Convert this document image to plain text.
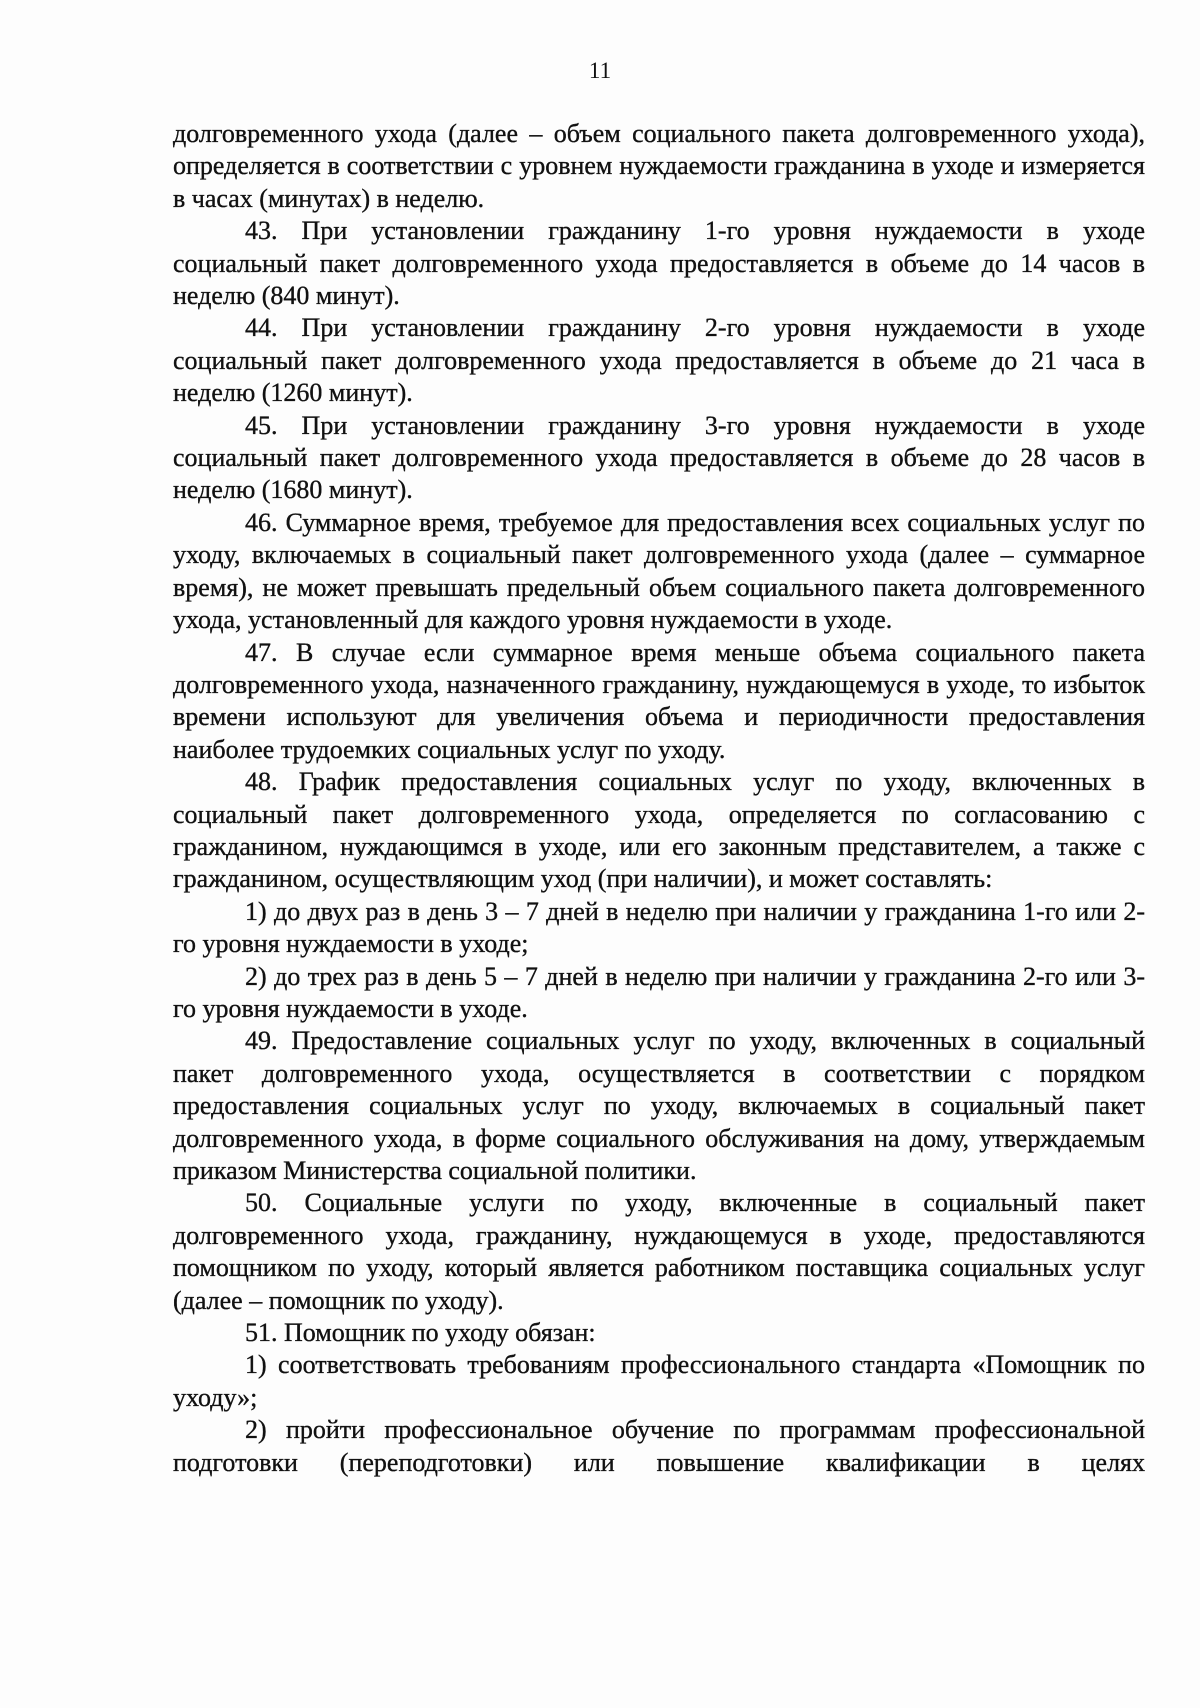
11

долговременного ухода (далее – объем социального пакета долговременного ухода), определяется в соответствии с уровнем нуждаемости гражданина в уходе и измеряется в часах (минутах) в неделю.

43. При установлении гражданину 1-го уровня нуждаемости в уходе социальный пакет долговременного ухода предоставляется в объеме до 14 часов в неделю (840 минут).

44. При установлении гражданину 2-го уровня нуждаемости в уходе социальный пакет долговременного ухода предоставляется в объеме до 21 часа в неделю (1260 минут).

45. При установлении гражданину 3-го уровня нуждаемости в уходе социальный пакет долговременного ухода предоставляется в объеме до 28 часов в неделю (1680 минут).

46. Суммарное время, требуемое для предоставления всех социальных услуг по уходу, включаемых в социальный пакет долговременного ухода (далее – суммарное время), не может превышать предельный объем социального пакета долговременного ухода, установленный для каждого уровня нуждаемости в уходе.

47. В случае если суммарное время меньше объема социального пакета долговременного ухода, назначенного гражданину, нуждающемуся в уходе, то избыток времени используют для увеличения объема и периодичности предоставления наиболее трудоемких социальных услуг по уходу.

48. График предоставления социальных услуг по уходу, включенных в социальный пакет долговременного ухода, определяется по согласованию с гражданином, нуждающимся в уходе, или его законным представителем, а также с гражданином, осуществляющим уход (при наличии), и может составлять:

1) до двух раз в день 3 – 7 дней в неделю при наличии у гражданина 1-го или 2-го уровня нуждаемости в уходе;

2) до трех раз в день 5 – 7 дней в неделю при наличии у гражданина 2-го или 3-го уровня нуждаемости в уходе.

49. Предоставление социальных услуг по уходу, включенных в социальный пакет долговременного ухода, осуществляется в соответствии с порядком предоставления социальных услуг по уходу, включаемых в социальный пакет долговременного ухода, в форме социального обслуживания на дому, утверждаемым приказом Министерства социальной политики.

50. Социальные услуги по уходу, включенные в социальный пакет долговременного ухода, гражданину, нуждающемуся в уходе, предоставляются помощником по уходу, который является работником поставщика социальных услуг (далее – помощник по уходу).

51. Помощник по уходу обязан:

1) соответствовать требованиям профессионального стандарта «Помощник по уходу»;

2) пройти профессиональное обучение по программам профессиональной подготовки (переподготовки) или повышение квалификации в целях
